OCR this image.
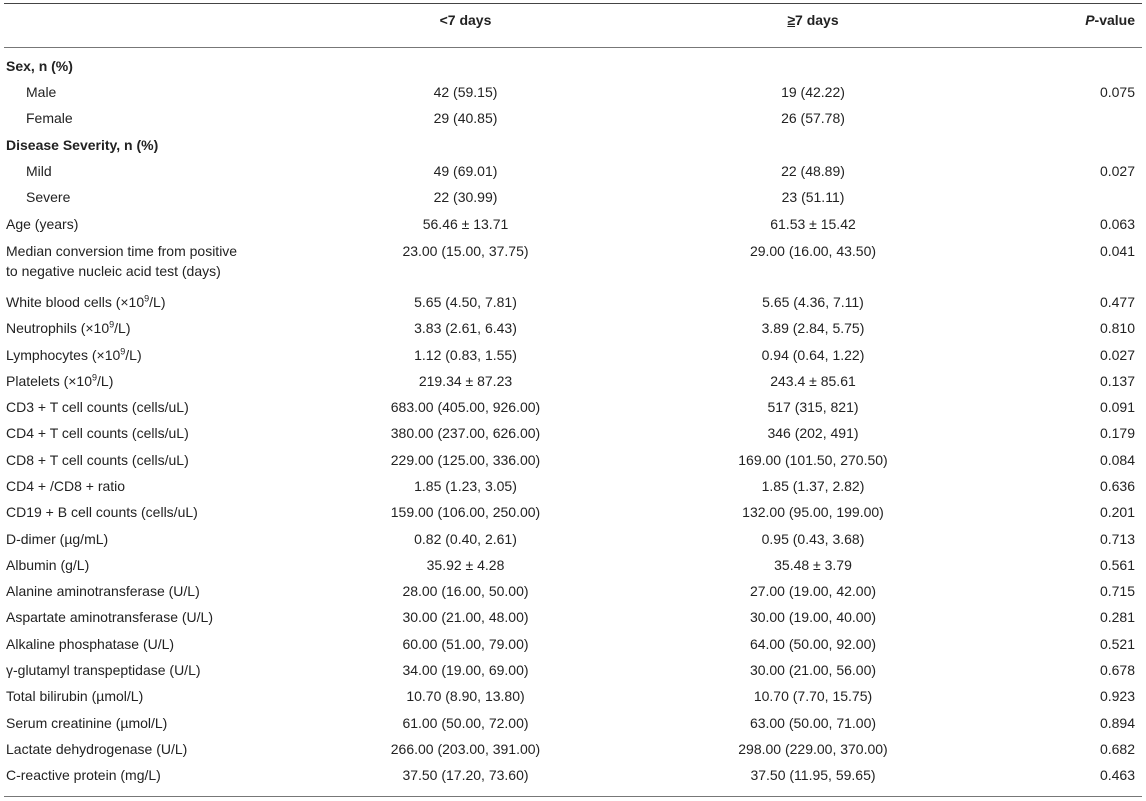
	<7 days	≥7 days	P-value
Sex, n (%)			
Male	42 (59.15)	19 (42.22)	0.075
Female	29 (40.85)	26 (57.78)	
Disease Severity, n (%)			
Mild	49 (69.01)	22 (48.89)	0.027
Severe	22 (30.99)	23 (51.11)	
Age (years)	56.46 ± 13.71	61.53 ± 15.42	0.063
Median conversion time from positive
to negative nucleic acid test (days)	23.00 (15.00, 37.75)	29.00 (16.00, 43.50)	0.041
White blood cells $(\times 10^9/L)$	5.65 (4.50, 7.81)	5.65 (4.36, 7.11)	0.477
Neutrophils $(\times 10^9/L)$	3.83 (2.61, 6.43)	3.89 (2.84, 5.75)	0.810
Lymphocytes $(\times 10^9/L)$	1.12 (0.83, 1.55)	0.94 (0.64, 1.22)	0.027
Platelets $(\times 10^9/L)$	219.34 ± 87.23	243.4 ± 85.61	0.137
CD3 + T cell counts (cells/uL)	683.00 (405.00, 926.00)	517 (315, 821)	0.091
CD4 + T cell counts (cells/uL)	380.00 (237.00, 626.00)	346 (202, 491)	0.179
CD8 + T cell counts (cells/uL)	229.00 (125.00, 336.00)	169.00 (101.50, 270.50)	0.084
CD4 + /CD8 + ratio	1.85 (1.23, 3.05)	1.85 (1.37, 2.82)	0.636
CD19 + B cell counts (cells/uL)	159.00 (106.00, 250.00)	132.00 (95.00, 199.00)	0.201
D-dimer (µg/mL)	0.82 (0.40, 2.61)	0.95 (0.43, 3.68)	0.713
Albumin (g/L)	35.92 ± 4.28	35.48 ± 3.79	0.561
Alanine aminotransferase (U/L)	28.00 (16.00, 50.00)	27.00 (19.00, 42.00)	0.715
Aspartate aminotransferase (U/L)	30.00 (21.00, 48.00)	30.00 (19.00, 40.00)	0.281
Alkaline phosphatase (U/L)	60.00 (51.00, 79.00)	64.00 (50.00, 92.00)	0.521
γ-glutamyl transpeptidase (U/L)	34.00 (19.00, 69.00)	30.00 (21.00, 56.00)	0.678
Total bilirubin (µmol/L)	10.70 (8.90, 13.80)	10.70 (7.70, 15.75)	0.923
Serum creatinine (µmol/L)	61.00 (50.00, 72.00)	63.00 (50.00, 71.00)	0.894
Lactate dehydrogenase (U/L)	266.00 (203.00, 391.00)	298.00 (229.00, 370.00)	0.682
C-reactive protein (mg/L)	37.50 (17.20, 73.60)	37.50 (11.95, 59.65)	0.463
